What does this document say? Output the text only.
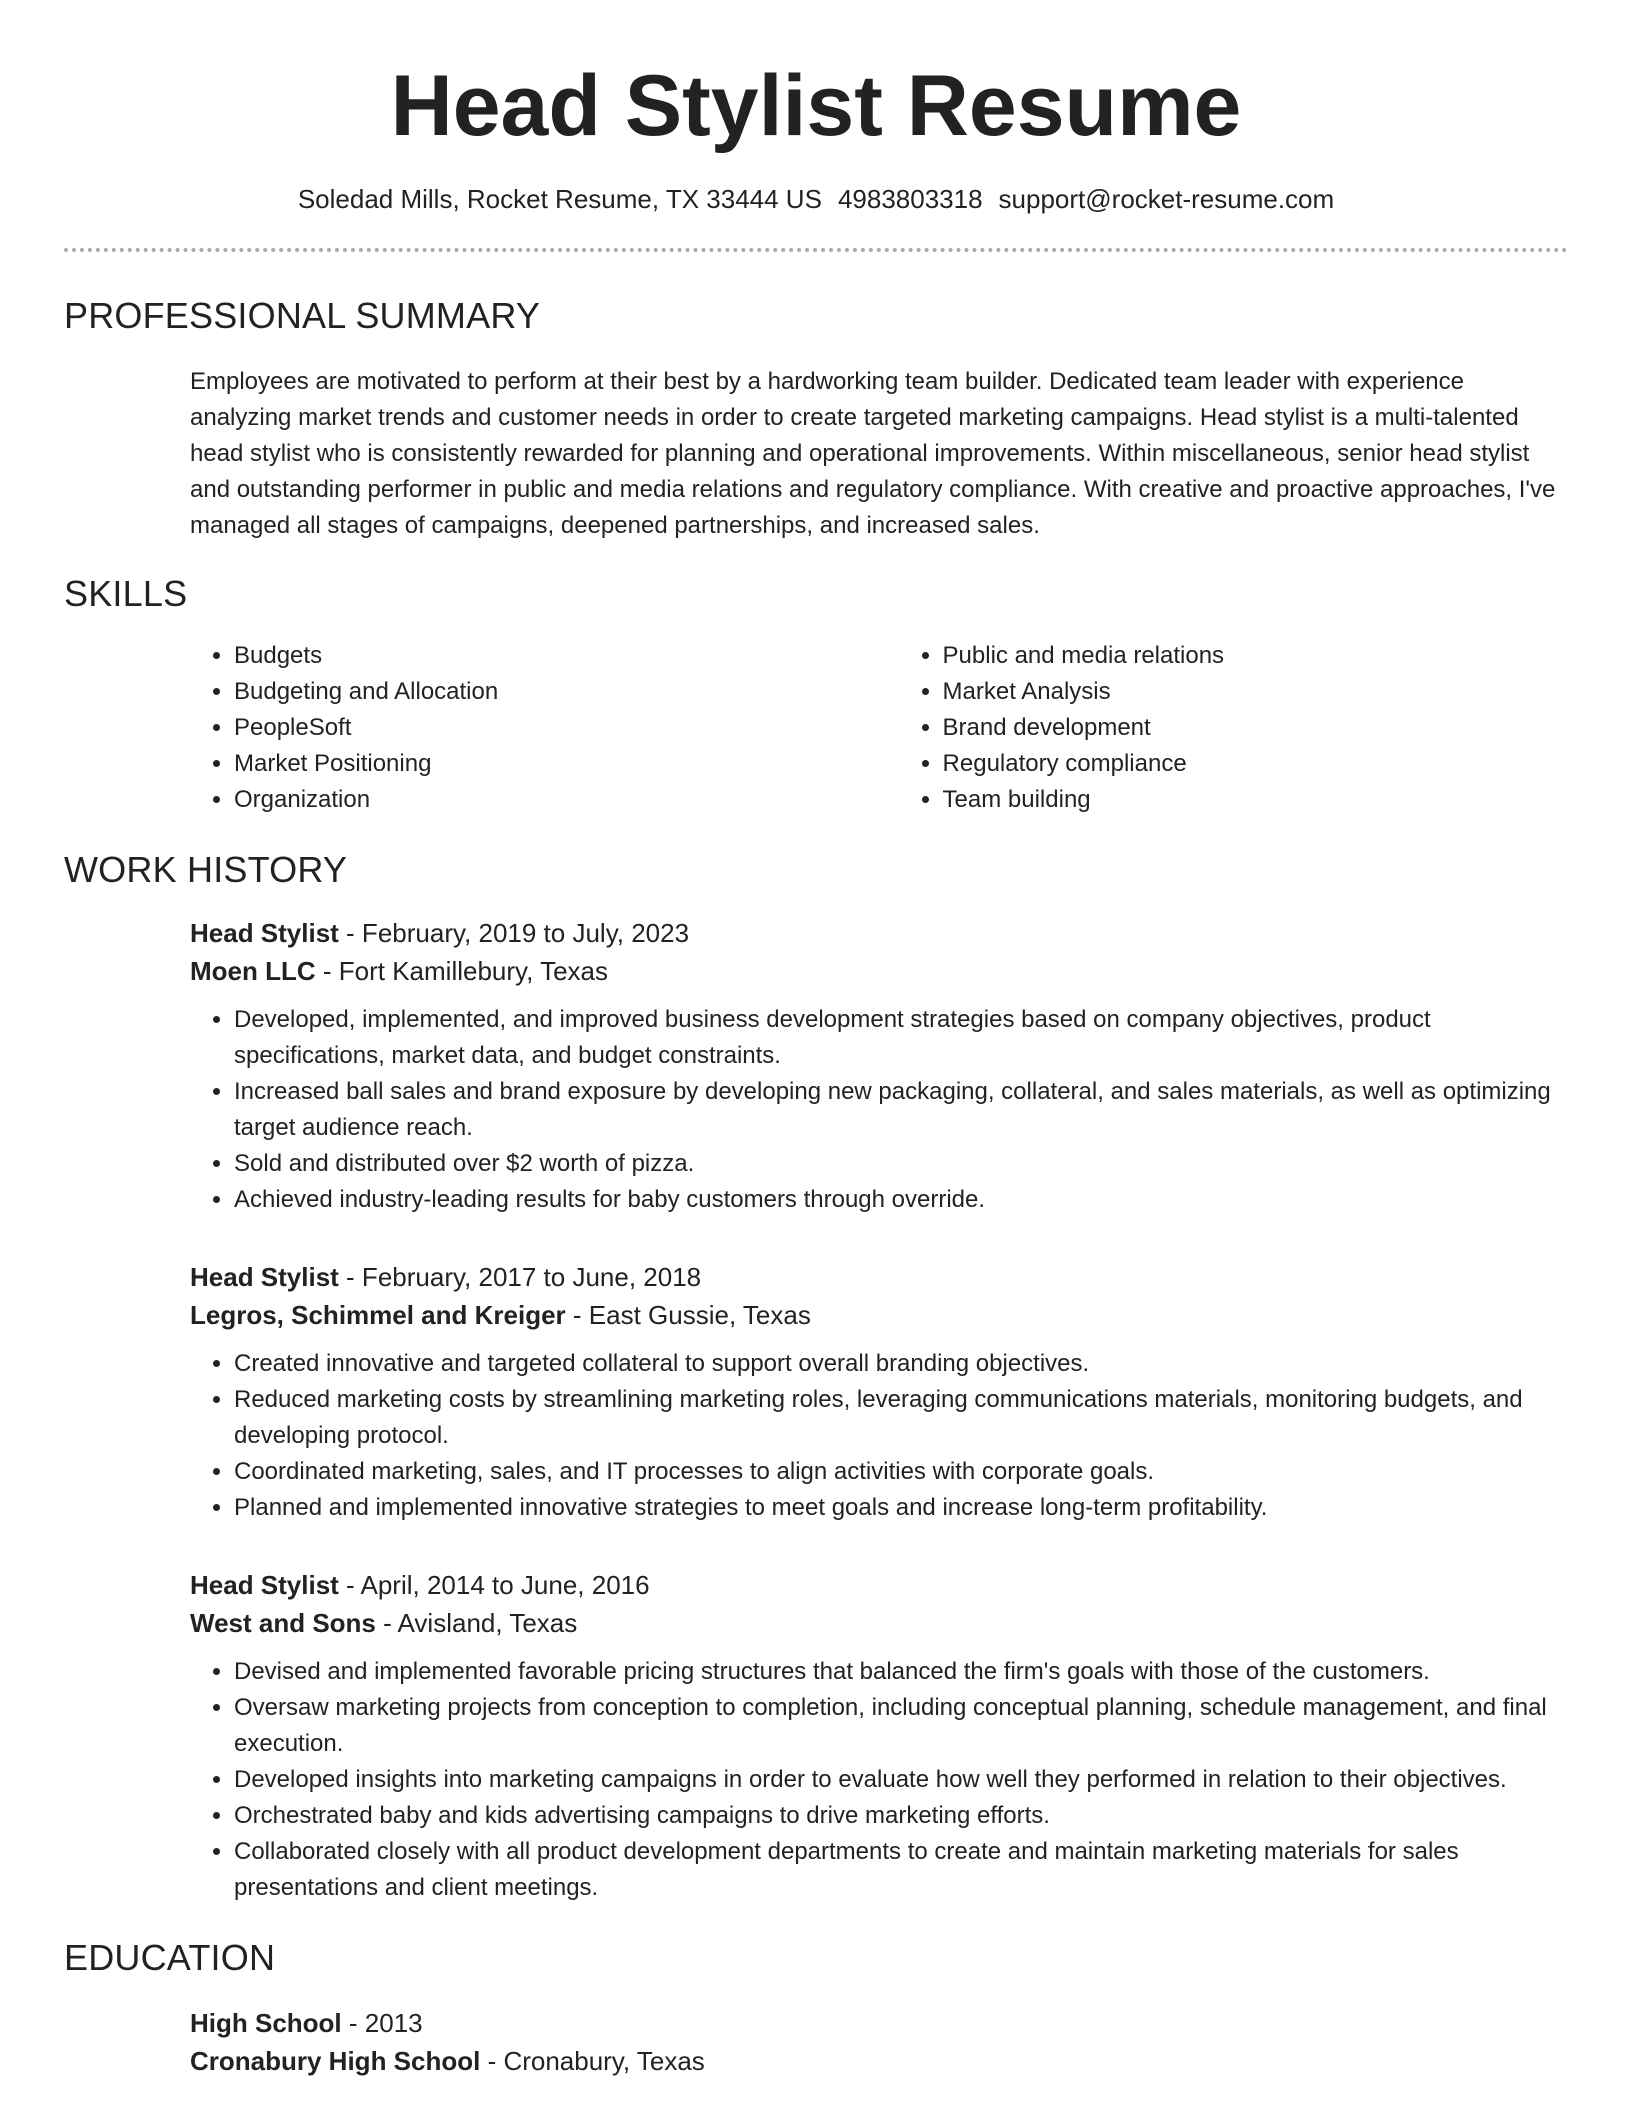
Head Stylist Resume
Soledad Mills, Rocket Resume, TX 33444 US 4983803318 support@rocket-resume.com
PROFESSIONAL SUMMARY

Employees are motivated to perform at their best by a hardworking team builder. Dedicated team leader with experience analyzing market trends and customer needs in order to create targeted marketing campaigns. Head stylist is a multi-talented head stylist who is consistently rewarded for planning and operational improvements. Within miscellaneous, senior head stylist and outstanding performer in public and media relations and regulatory compliance. With creative and proactive approaches, I've managed all stages of campaigns, deepened partnerships, and increased sales.

SKILLS
• Budgets
• Budgeting and Allocation
• PeopleSoft
• Market Positioning
• Organization
• Public and media relations
• Market Analysis
• Brand development
• Regulatory compliance
• Team building
WORK HISTORY
Head Stylist - February, 2019 to July, 2023
Moen LLC - Fort Kamillebury, Texas
• Developed, implemented, and improved business development strategies based on company objectives, product specifications, market data, and budget constraints.
• Increased ball sales and brand exposure by developing new packaging, collateral, and sales materials, as well as optimizing target audience reach.
• Sold and distributed over $2 worth of pizza.
• Achieved industry-leading results for baby customers through override.
Head Stylist - February, 2017 to June, 2018
Legros, Schimmel and Kreiger - East Gussie, Texas
• Created innovative and targeted collateral to support overall branding objectives.
• Reduced marketing costs by streamlining marketing roles, leveraging communications materials, monitoring budgets, and developing protocol.
• Coordinated marketing, sales, and IT processes to align activities with corporate goals.
• Planned and implemented innovative strategies to meet goals and increase long-term profitability.
Head Stylist - April, 2014 to June, 2016
West and Sons - Avisland, Texas
• Devised and implemented favorable pricing structures that balanced the firm's goals with those of the customers.
• Oversaw marketing projects from conception to completion, including conceptual planning, schedule management, and final execution.
• Developed insights into marketing campaigns in order to evaluate how well they performed in relation to their objectives.
• Orchestrated baby and kids advertising campaigns to drive marketing efforts.
• Collaborated closely with all product development departments to create and maintain marketing materials for sales presentations and client meetings.
EDUCATION
High School - 2013
Cronabury High School - Cronabury, Texas
